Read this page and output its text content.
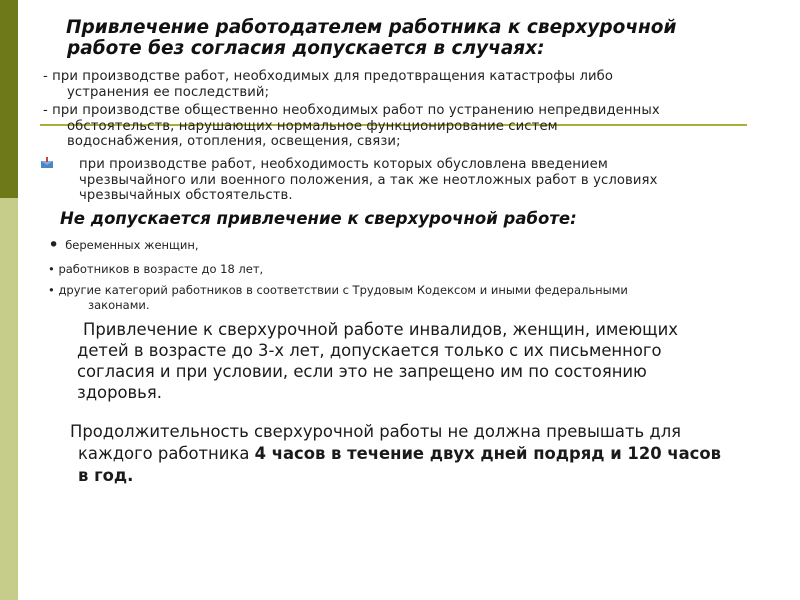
Привлечение работодателем работника к сверхурочной
работе без согласия допускается в случаях:
- при производстве работ, необходимых для предотвращения катастрофы либо
устранения ее последствий;
- при производстве общественно необходимых работ по устранению непредвиденных
обстоятельств, нарушающих нормальное функционирование систем
водоснабжения, отопления, освещения, связи;
при производстве работ, необходимость которых обусловлена введением
чрезвычайного или военного положения, а так же неотложных работ в условиях
чрезвычайных обстоятельств.
Не допускается привлечение к сверхурочной работе:
• беременных женщин,
• работников в возрасте до 18 лет,
• другие категорий работников в соответствии с Трудовым Кодексом и иными федеральными
законами.
Привлечение к сверхурочной работе инвалидов, женщин, имеющих
детей в возрасте до 3-х лет, допускается только с их письменного
согласия и при условии, если это не запрещено им по состоянию
здоровья.
Продолжительность сверхурочной работы не должна превышать для
каждого работника 4 часов в течение двух дней подряд и 120 часов
в год.
